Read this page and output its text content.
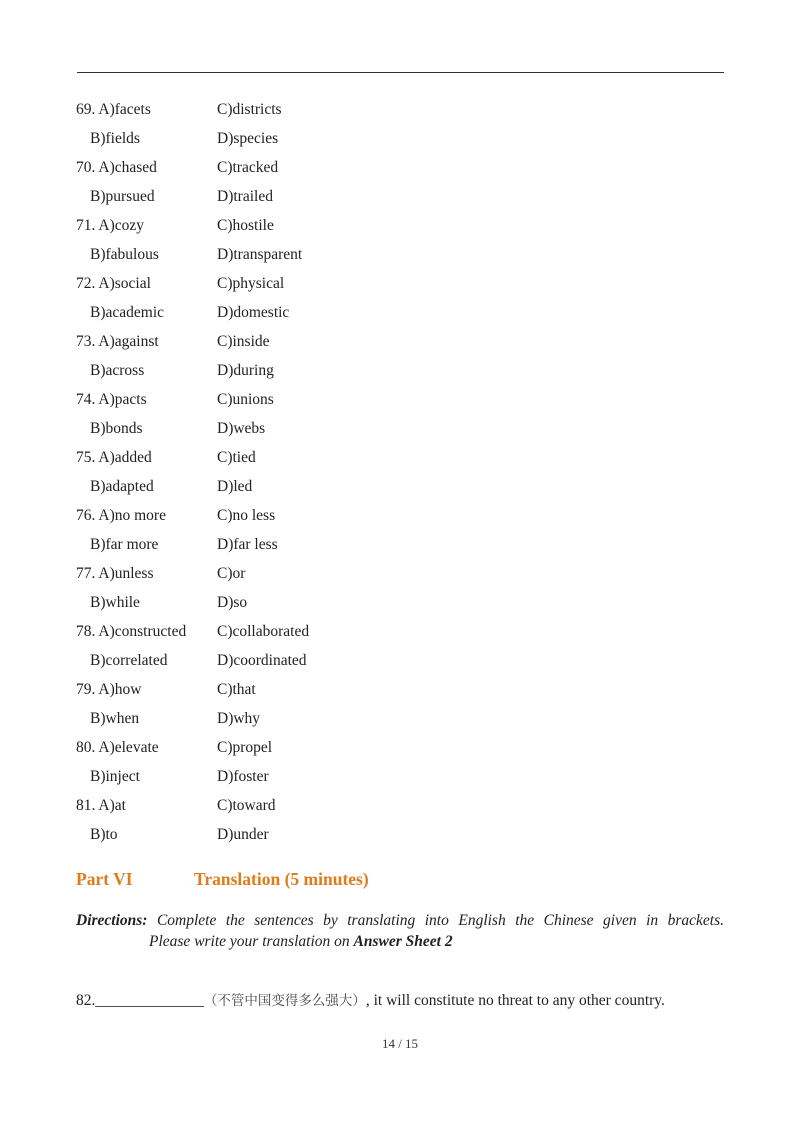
69. A)facets	C)districts
B)fields	D)species
70. A)chased	C)tracked
B)pursued	D)trailed
71. A)cozy	C)hostile
B)fabulous	D)transparent
72. A)social	C)physical
B)academic	D)domestic
73. A)against	C)inside
B)across	D)during
74. A)pacts	C)unions
B)bonds	D)webs
75. A)added	C)tied
B)adapted	D)led
76. A)no more	C)no less
B)far more	D)far less
77. A)unless	C)or
B)while	D)so
78. A)constructed C)collaborated
B)correlated	D)coordinated
79. A)how	C)that
B)when	D)why
80. A)elevate	C)propel
B)inject	D)foster
81. A)at	C)toward
B)to	D)under
Part VI	Translation (5 minutes)
Directions: Complete the sentences by translating into English the Chinese given in brackets.
Please write your translation on Answer Sheet 2
82.______________（不管中国变得多么强大）, it will constitute no threat to any other country.
14 / 15
